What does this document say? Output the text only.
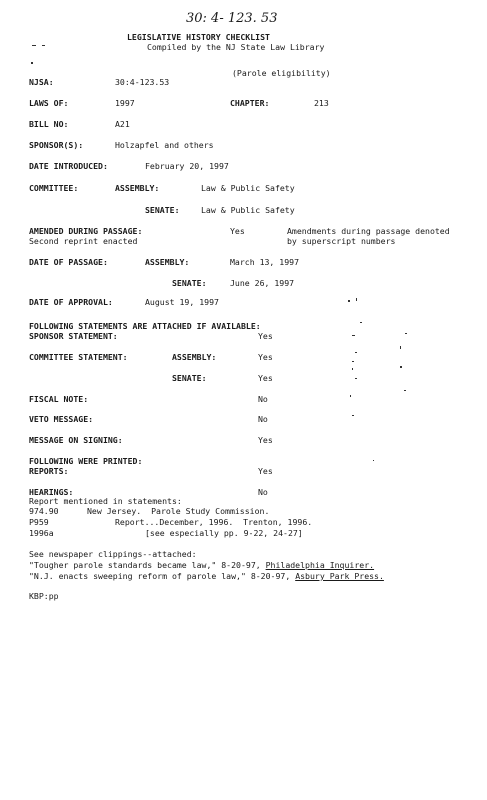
30: 4- 123. 53
LEGISLATIVE HISTORY CHECKLIST
Compiled by the NJ State Law Library
(Parole eligibility)
NJSA:	30:4-123.53
LAWS OF:	1997	CHAPTER:	213
BILL NO:	A21
SPONSOR(S):	Holzapfel and others
DATE INTRODUCED:	February 20, 1997
COMMITTEE:	ASSEMBLY:	Law & Public Safety
SENATE:	Law & Public Safety
AMENDED DURING PASSAGE:	Yes	Amendments during passage denoted
Second reprint enacted	by superscript numbers
DATE OF PASSAGE:	ASSEMBLY:	March 13, 1997
SENATE:	June 26, 1997
DATE OF APPROVAL:	August 19, 1997
FOLLOWING STATEMENTS ARE ATTACHED IF AVAILABLE:
SPONSOR STATEMENT:	Yes
COMMITTEE STATEMENT:	ASSEMBLY:	Yes
SENATE:	Yes
FISCAL NOTE:	No
VETO MESSAGE:	No
MESSAGE ON SIGNING:	Yes
FOLLOWING WERE PRINTED:
REPORTS:	Yes
HEARINGS:	No
Report mentioned in statements:
974.90	New Jersey.  Parole Study Commission.
P959	Report...December, 1996.  Trenton, 1996.
1996a	[see especially pp. 9-22, 24-27]
See newspaper clippings--attached:
"Tougher parole standards became law," 8-20-97, Philadelphia Inquirer.
"N.J. enacts sweeping reform of parole law," 8-20-97, Asbury Park Press.
KBP:pp
